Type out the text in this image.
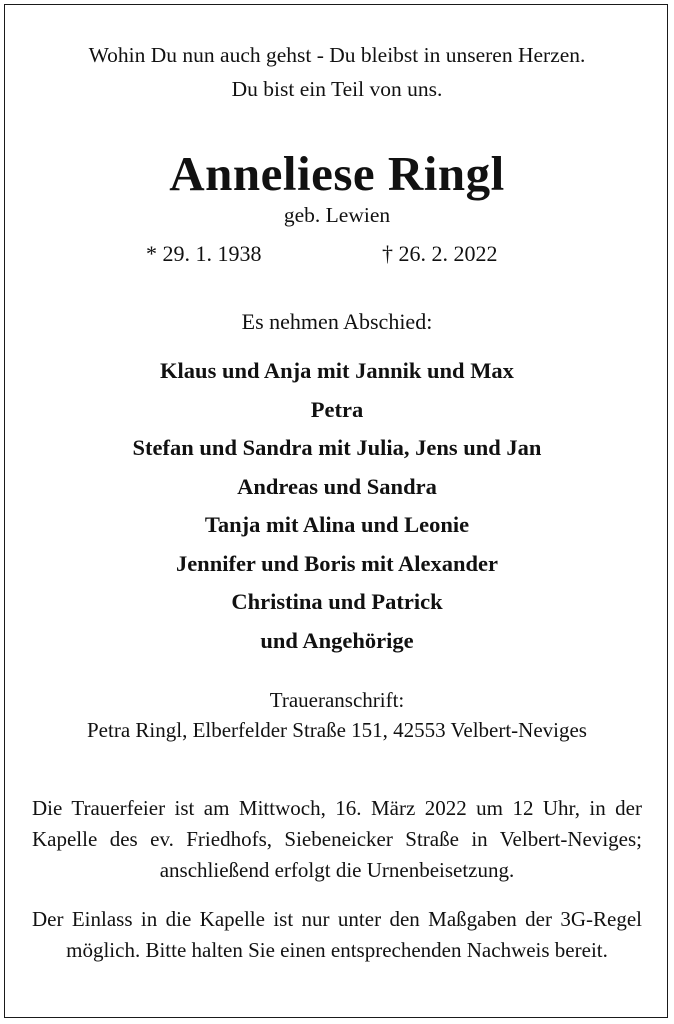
Wohin Du nun auch gehst - Du bleibst in unseren Herzen.
Du bist ein Teil von uns.
Anneliese Ringl
geb. Lewien
* 29. 1. 1938	† 26. 2. 2022
Es nehmen Abschied:
Klaus und Anja mit Jannik und Max
Petra
Stefan und Sandra mit Julia, Jens und Jan
Andreas und Sandra
Tanja mit Alina und Leonie
Jennifer und Boris mit Alexander
Christina und Patrick
und Angehörige
Traueranschrift:
Petra Ringl, Elberfelder Straße 151, 42553 Velbert-Neviges
Die Trauerfeier ist am Mittwoch, 16. März 2022 um 12 Uhr, in der Kapelle des ev. Friedhofs, Siebeneicker Straße in Velbert-Neviges; anschließend erfolgt die Urnenbeisetzung.
Der Einlass in die Kapelle ist nur unter den Maßgaben der 3G-Regel möglich. Bitte halten Sie einen entsprechenden Nachweis bereit.
